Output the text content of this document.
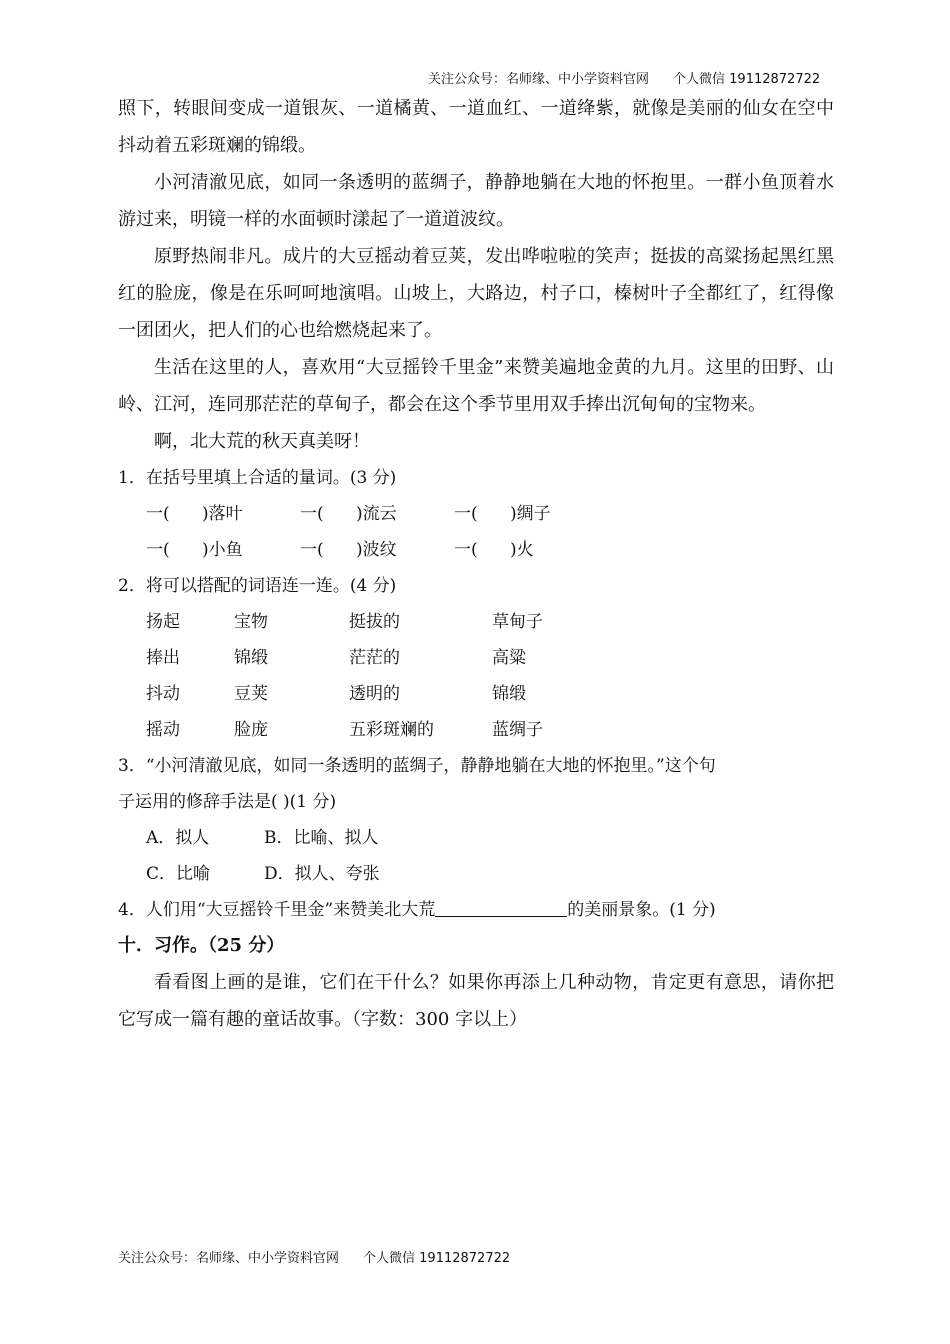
关注公众号：名师缘、中小学资料官网 个人微信 19112872722

照下，转眼间变成一道银灰、一道橘黄、一道血红、一道绛紫，就像是美丽的仙女在空中抖动着五彩斑斓的锦缎。

小河清澈见底，如同一条透明的蓝绸子，静静地躺在大地的怀抱里。一群小鱼顶着水游过来，明镜一样的水面顿时漾起了一道道波纹。

原野热闹非凡。成片的大豆摇动着豆荚，发出哗啦啦的笑声；挺拔的高粱扬起黑红黑红的脸庞，像是在乐呵呵地演唱。山坡上，大路边，村子口，榛树叶子全都红了，红得像一团团火，把人们的心也给燃烧起来了。

生活在这里的人，喜欢用“大豆摇铃千里金”来赞美遍地金黄的九月。这里的田野、山岭、江河，连同那茫茫的草甸子，都会在这个季节里用双手捧出沉甸甸的宝物来。

啊，北大荒的秋天真美呀！

1．在括号里填上合适的量词。(3 分)

一(      )落叶	一(      )流云	一(      )绸子
一(      )小鱼	一(      )波纹	一(      )火

2．将可以搭配的词语连一连。(4 分)

扬起	宝物	挺拔的	草甸子
捧出	锦缎	茫茫的	高粱
抖动	豆荚	透明的	锦缎
摇动	脸庞	五彩斑斓的	蓝绸子

3．“小河清澈见底，如同一条透明的蓝绸子，静静地躺在大地的怀抱里。”这个句

子运用的修辞手法是( )(1 分)

A．拟人	B．比喻、拟人
C．比喻	D．拟人、夸张

4．人们用“大豆摇铃千里金”来赞美北大荒	的美丽景象。(1 分)

十．习作。（25 分）

看看图上画的是谁，它们在干什么？如果你再添上几种动物，肯定更有意思，请你把它写成一篇有趣的童话故事。（字数：300 字以上）

关注公众号：名师缘、中小学资料官网 个人微信 19112872722
